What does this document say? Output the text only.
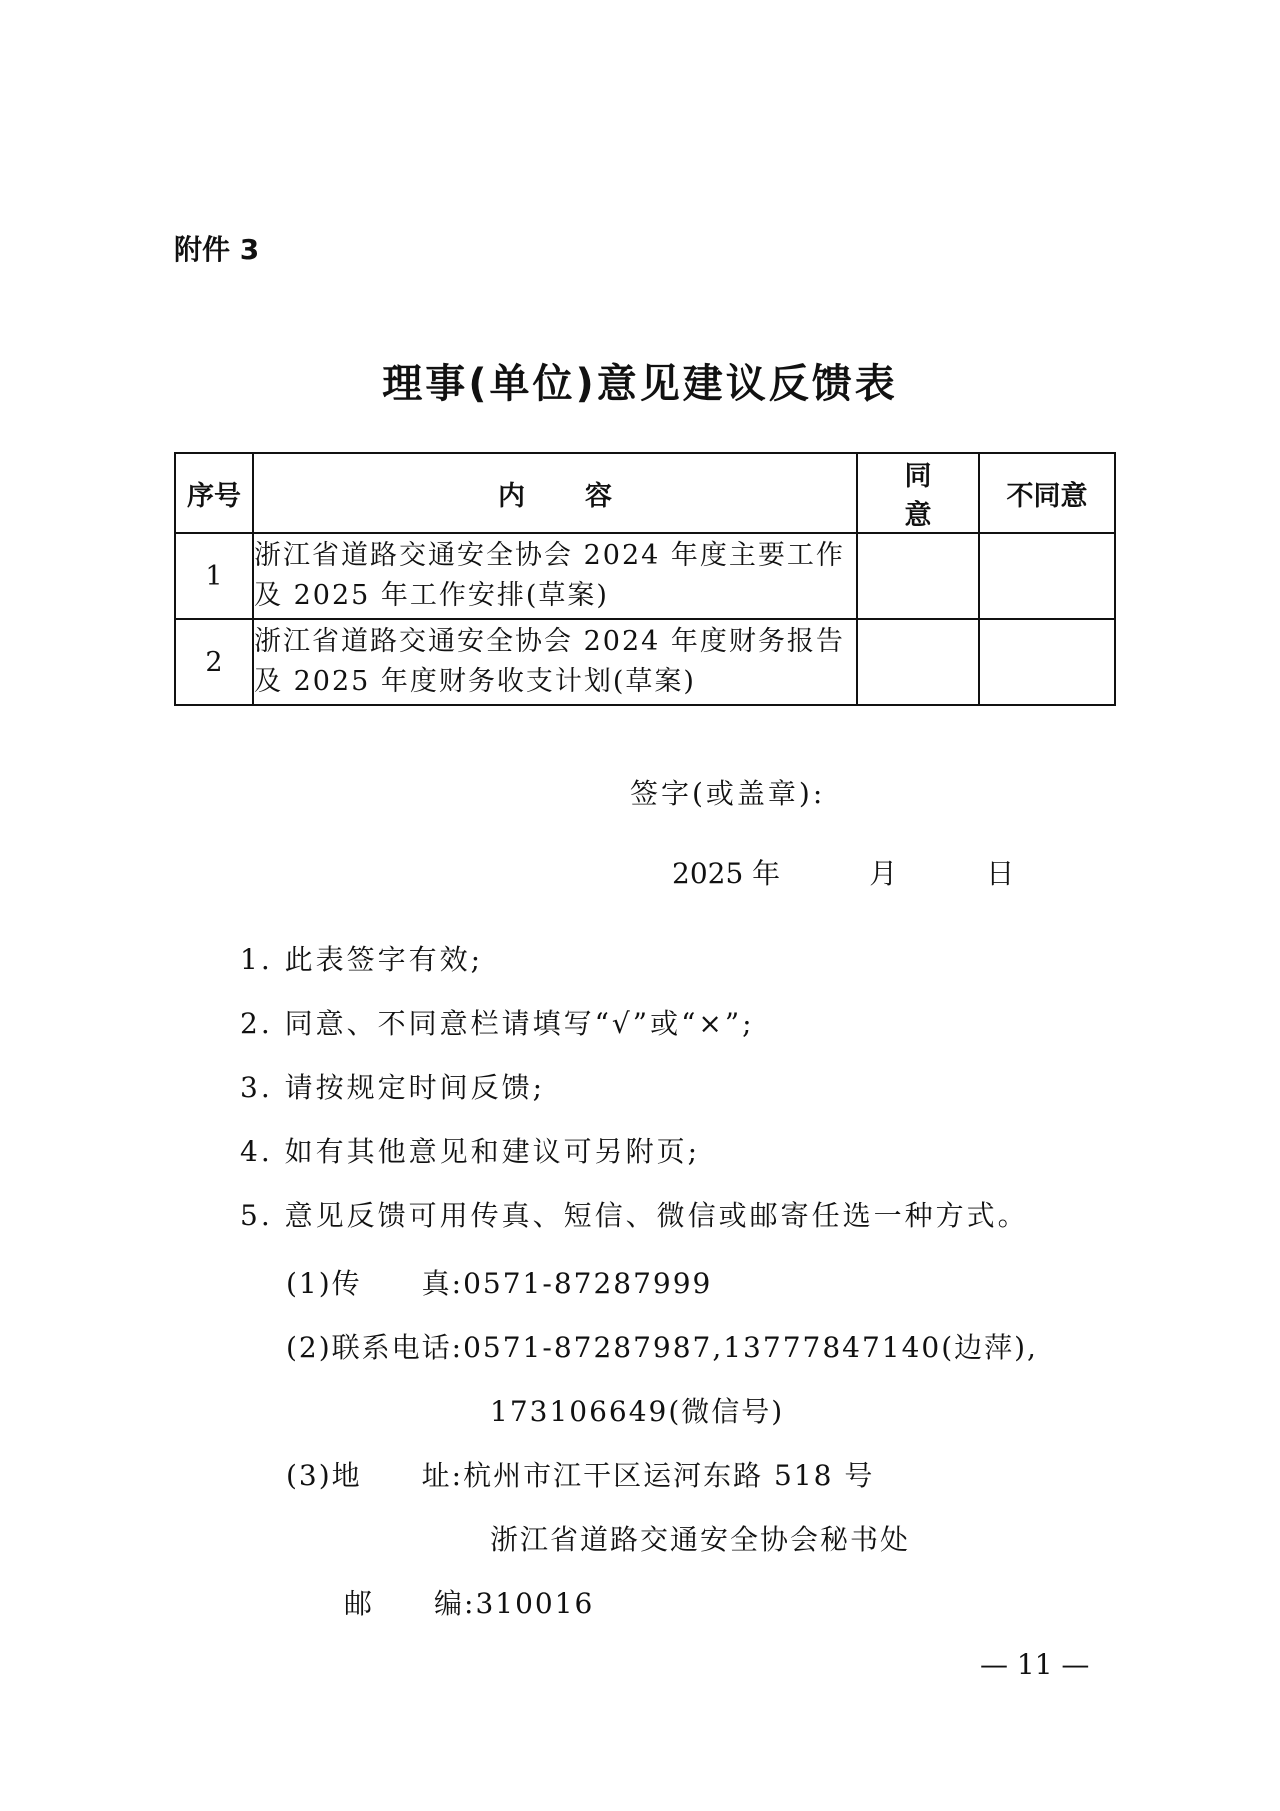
附件 3
理事(单位)意见建议反馈表
序号	内容	同意	不同意
1	浙江省道路交通安全协会 2024 年度主要工作及 2025 年工作安排(草案)		
2	浙江省道路交通安全协会 2024 年度财务报告及 2025 年度财务收支计划(草案)		
签字(或盖章):
2025 年	月	日
1. 此表签字有效;
2. 同意、不同意栏请填写“√”或“×”;
3. 请按规定时间反馈;
4. 如有其他意见和建议可另附页;
5. 意见反馈可用传真、短信、微信或邮寄任选一种方式。
(1)传　　真:0571-87287999
(2)联系电话:0571-87287987,13777847140(边萍),
173106649(微信号)
(3)地　　址:杭州市江干区运河东路 518 号
浙江省道路交通安全协会秘书处
邮　　编:310016
— 11 —
